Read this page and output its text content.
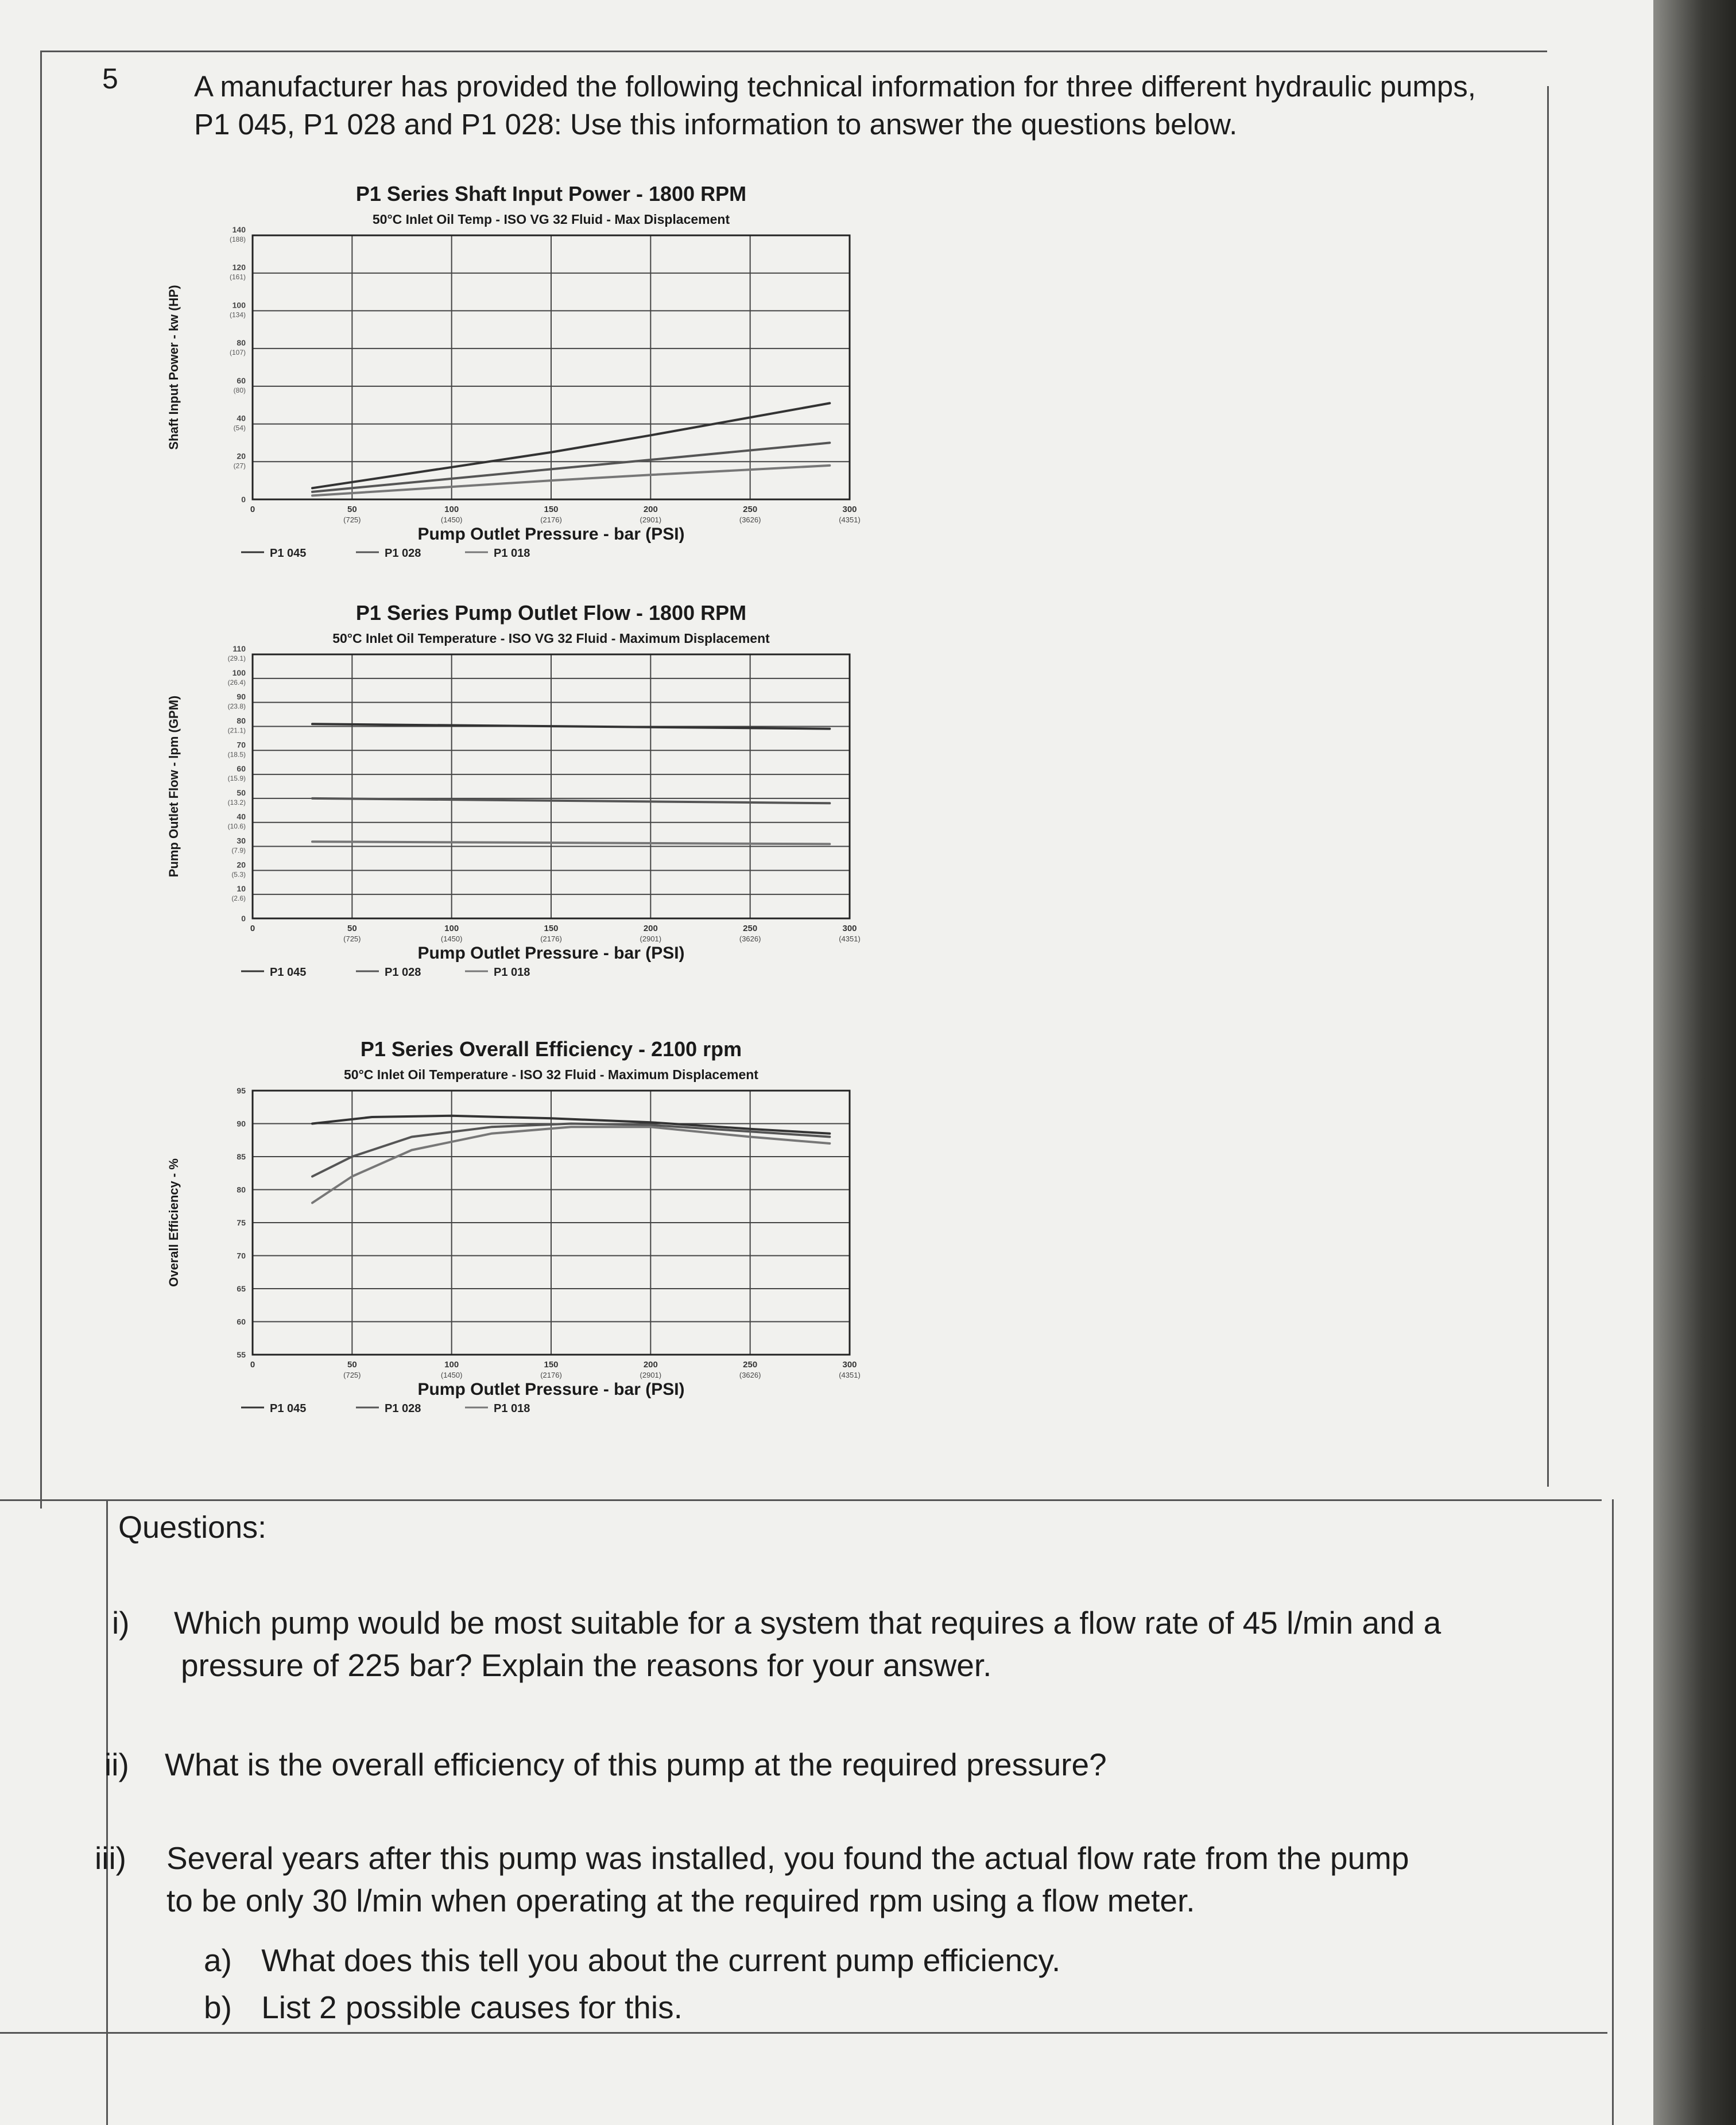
5	A manufacturer has provided the following technical information for three different hydraulic pumps, P1 045, P1 028 and P1 028: Use this information to answer the questions below.

P1 Series Shaft Input Power - 1800 RPM
50°C Inlet Oil Temp - ISO VG 32 Fluid - Max Displacement
0	50
(725)
100
(1450)
150
(2176)
200
(2901)
250
(3626)
300
(4351)
0
20
(27)
40
(54)
60
(80)
80
(107)
100
(134)
120
(161)
140
(188)
Pump Outlet Pressure - bar (PSI)
Shaft Input Power - kw (HP)
P1 045	P1 028	P1 018
P1 Series Pump Outlet Flow - 1800 RPM
50°C Inlet Oil Temperature - ISO VG 32 Fluid - Maximum Displacement
0	50
(725)
100
(1450)
150
(2176)
200
(2901)
250
(3626)
300
(4351)
0
10
(2.6)
20
(5.3)
30
(7.9)
40
(10.6)
50
(13.2)
60
(15.9)
70
(18.5)
80
(21.1)
90
(23.8)
100
(26.4)
110
(29.1)
Pump Outlet Pressure - bar (PSI)
Pump Outlet Flow - lpm (GPM)
P1 045	P1 028	P1 018
P1 Series Overall Efficiency - 2100 rpm
50°C Inlet Oil Temperature - ISO 32 Fluid - Maximum Displacement
0	50
(725)
100
(1450)
150
(2176)
200
(2901)
250
(3626)
300
(4351)
55
60
65
70
75
80
85
90
95
Pump Outlet Pressure - bar (PSI)
Overall Efficiency - %
P1 045	P1 028	P1 018
Questions:
i) Which pump would be most suitable for a system that requires a flow rate of 45 l/min and a
pressure of 225 bar? Explain the reasons for your answer.
ii) What is the overall efficiency of this pump at the required pressure?
iii) Several years after this pump was installed, you found the actual flow rate from the pump
to be only 30 l/min when operating at the required rpm using a flow meter.
a) What does this tell you about the current pump efficiency.
b) List 2 possible causes for this.
